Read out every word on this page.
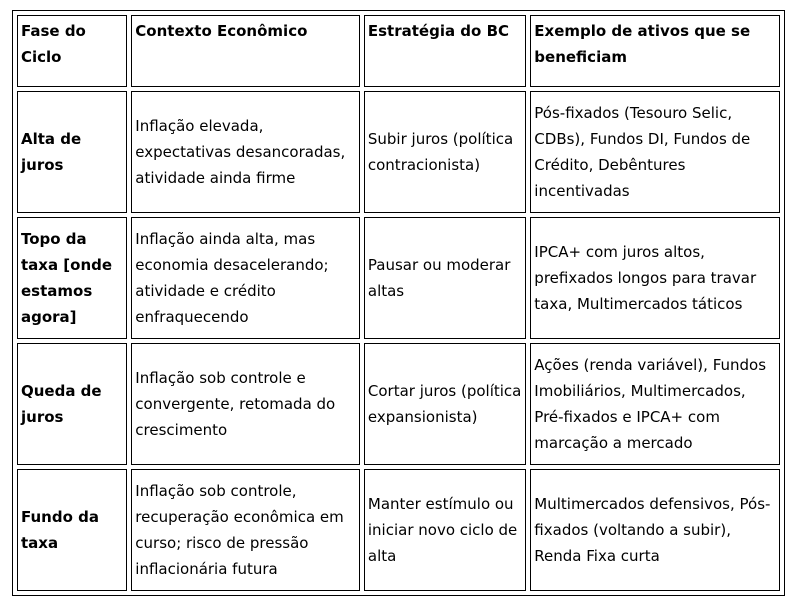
Fase do Ciclo	Contexto Econômico	Estratégia do BC	Exemplo de ativos que se beneficiam
Alta de juros	Inflação elevada, expectativas desancoradas, atividade ainda firme	Subir juros (política contracionista)	Pós-fixados (Tesouro Selic, CDBs), Fundos DI, Fundos de Crédito, Debêntures incentivadas
Topo da taxa [onde estamos agora]	Inflação ainda alta, mas economia desacelerando; atividade e crédito enfraquecendo	Pausar ou moderar altas	IPCA+ com juros altos, prefixados longos para travar taxa, Multimercados táticos
Queda de juros	Inflação sob controle e convergente, retomada do crescimento	Cortar juros (política expansionista)	Ações (renda variável), Fundos Imobiliários, Multimercados, Pré-fixados e IPCA+ com marcação a mercado
Fundo da taxa	Inflação sob controle, recuperação econômica em curso; risco de pressão inflacionária futura	Manter estímulo ou iniciar novo ciclo de alta	Multimercados defensivos, Pós-fixados (voltando a subir), Renda Fixa curta
